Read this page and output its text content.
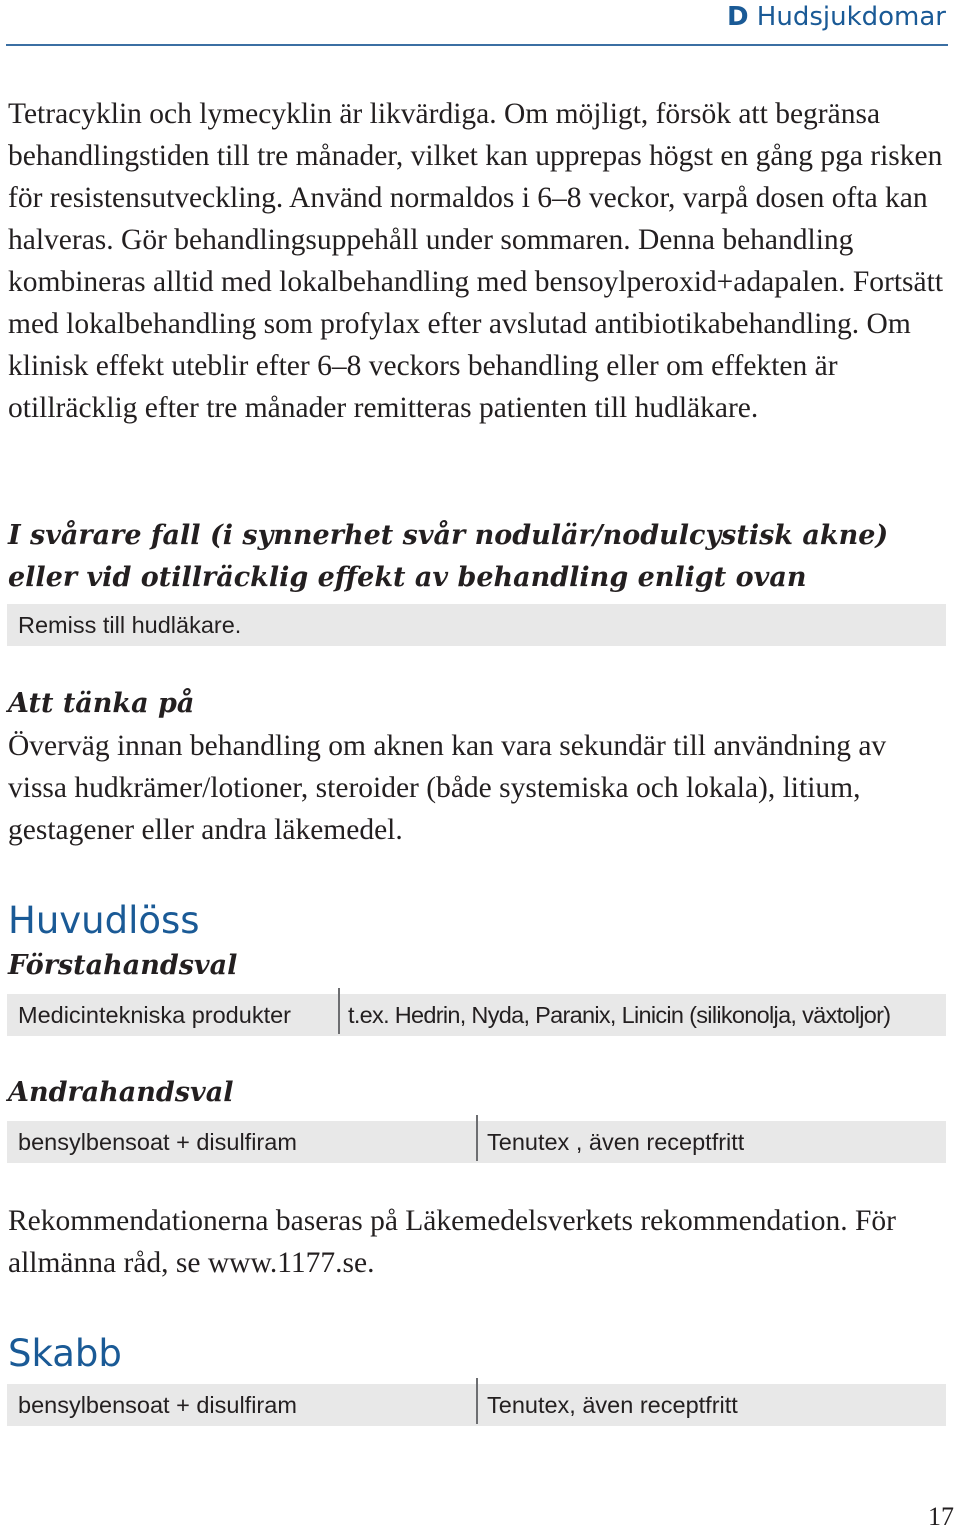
D Hudsjukdomar

Tetracyklin och lymecyklin är likvärdiga. Om möjligt, försök att begränsa behandlingstiden till tre månader, vilket kan upprepas högst en gång pga risken för resistensutveckling. Använd normaldos i 6–8 veckor, varpå dosen ofta kan halveras. Gör behandlingsuppehåll under sommaren. Denna behandling kombineras alltid med lokalbehandling med bensoylperoxid+adapalen. Fortsätt med lokalbehandling som profylax efter avslutad antibiotikabehandling. Om klinisk effekt uteblir efter 6–8 veckors behandling eller om effekten är otillräcklig efter tre månader remitteras patienten till hudläkare.

I svårare fall (i synnerhet svår nodulär/nodulcystisk akne) eller vid otillräcklig effekt av behandling enligt ovan

Remiss till hudläkare.

Att tänka på

Överväg innan behandling om aknen kan vara sekundär till användning av vissa hudkrämer/lotioner, steroider (både systemiska och lokala), litium, gestagener eller andra läkemedel.

Huvudlöss

Förstahandsval

Medicintekniska produkter	t.ex. Hedrin, Nyda, Paranix, Linicin (silikonolja, växtoljor)

Andrahandsval

bensylbensoat + disulfiram	Tenutex , även receptfritt

Rekommendationerna baseras på Läkemedelsverkets rekommendation. För allmänna råd, se www.1177.se.

Skabb
bensylbensoat + disulfiram	Tenutex, även receptfritt
17
